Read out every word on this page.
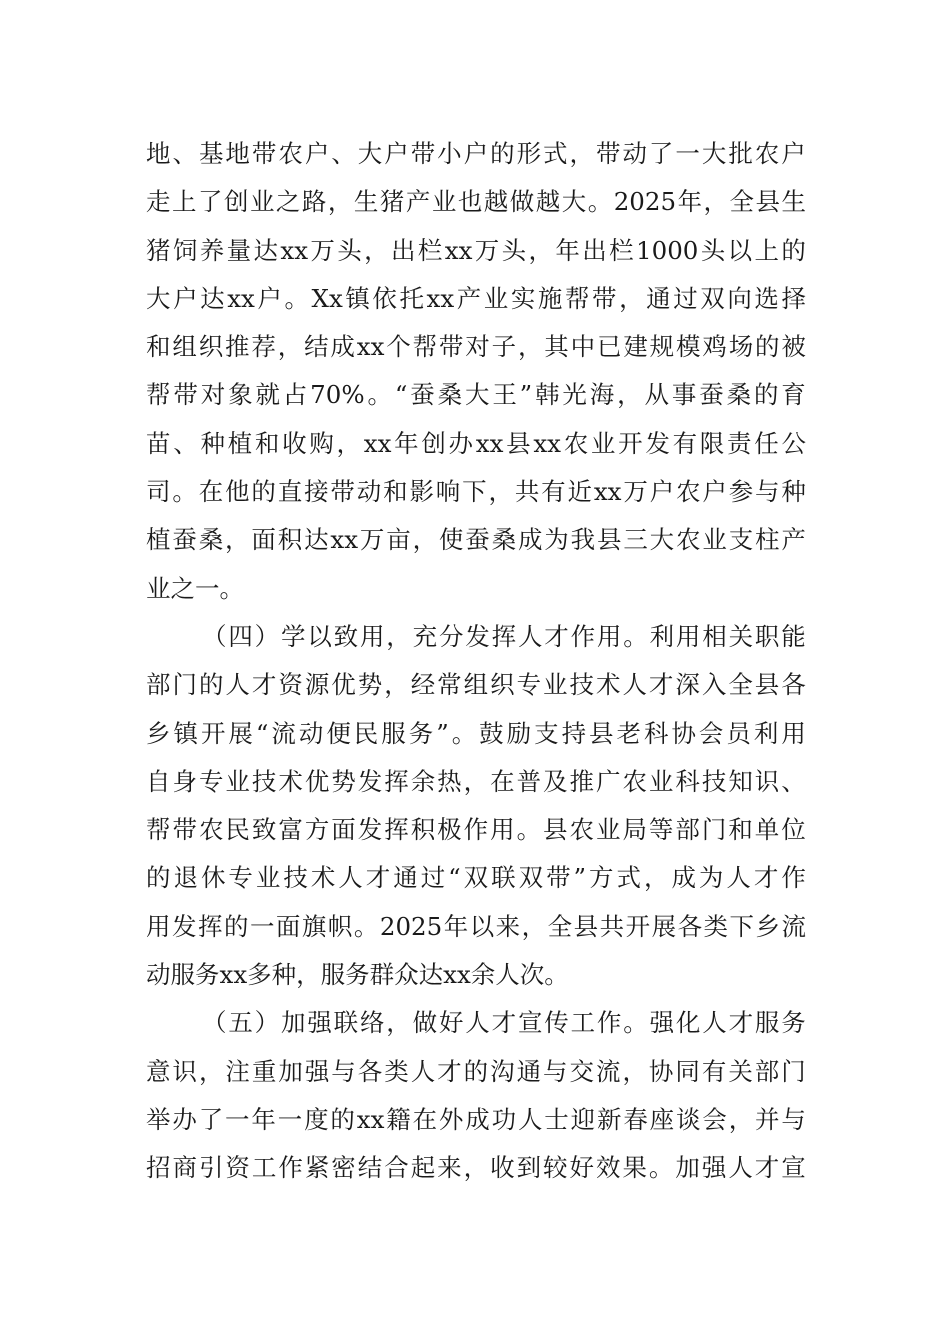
地 、 基 地 带 农 户 、 大 户 带 小 户 的 形 式 ， 带 动 了 一 大 批 农 户
走 上 了 创 业 之 路 ， 生 猪 产 业 也 越 做 越 大 。 2025 年 ， 全 县 生
猪 饲 养 量 达 xx 万 头 ， 出 栏 xx 万 头 ， 年 出 栏 1000 头 以 上 的
大 户 达 xx 户 。 Xx 镇 依 托 xx 产 业 实 施 帮 带 ， 通 过 双 向 选 择
和 组 织 推 荐 ， 结 成 xx 个 帮 带 对 子 ， 其 中 已 建 规 模 鸡 场 的 被
帮 带 对 象 就 占 70% 。 “ 蚕 桑 大 王 ” 韩 光 海 ， 从 事 蚕 桑 的 育
苗 、 种 植 和 收 购 ， xx 年 创 办 xx 县 xx 农 业 开 发 有 限 责 任 公
司 。 在 他 的 直 接 带 动 和 影 响 下 ， 共 有 近 xx 万 户 农 户 参 与 种
植 蚕 桑 ， 面 积 达 xx 万 亩 ， 使 蚕 桑 成 为 我 县 三 大 农 业 支 柱 产
业之一。
（ 四 ） 学 以 致 用 ， 充 分 发 挥 人 才 作 用 。 利 用 相 关 职 能
部 门 的 人 才 资 源 优 势 ， 经 常 组 织 专 业 技 术 人 才 深 入 全 县 各
乡 镇 开 展 “ 流 动 便 民 服 务 ” 。 鼓 励 支 持 县 老 科 协 会 员 利 用
自 身 专 业 技 术 优 势 发 挥 余 热 ， 在 普 及 推 广 农 业 科 技 知 识 、
帮 带 农 民 致 富 方 面 发 挥 积 极 作 用 。 县 农 业 局 等 部 门 和 单 位
的 退 休 专 业 技 术 人 才 通 过 “ 双 联 双 带 ” 方 式 ， 成 为 人 才 作
用 发 挥 的 一 面 旗 帜 。 2025 年 以 来 ， 全 县 共 开 展 各 类 下 乡 流
动服务xx多种，服务群众达xx余人次。
（ 五 ） 加 强 联 络 ， 做 好 人 才 宣 传 工 作 。 强 化 人 才 服 务
意 识 ， 注 重 加 强 与 各 类 人 才 的 沟 通 与 交 流 ， 协 同 有 关 部 门
举 办 了 一 年 一 度 的 xx 籍 在 外 成 功 人 士 迎 新 春 座 谈 会 ， 并 与
招 商 引 资 工 作 紧 密 结 合 起 来 ， 收 到 较 好 效 果 。 加 强 人 才 宣
